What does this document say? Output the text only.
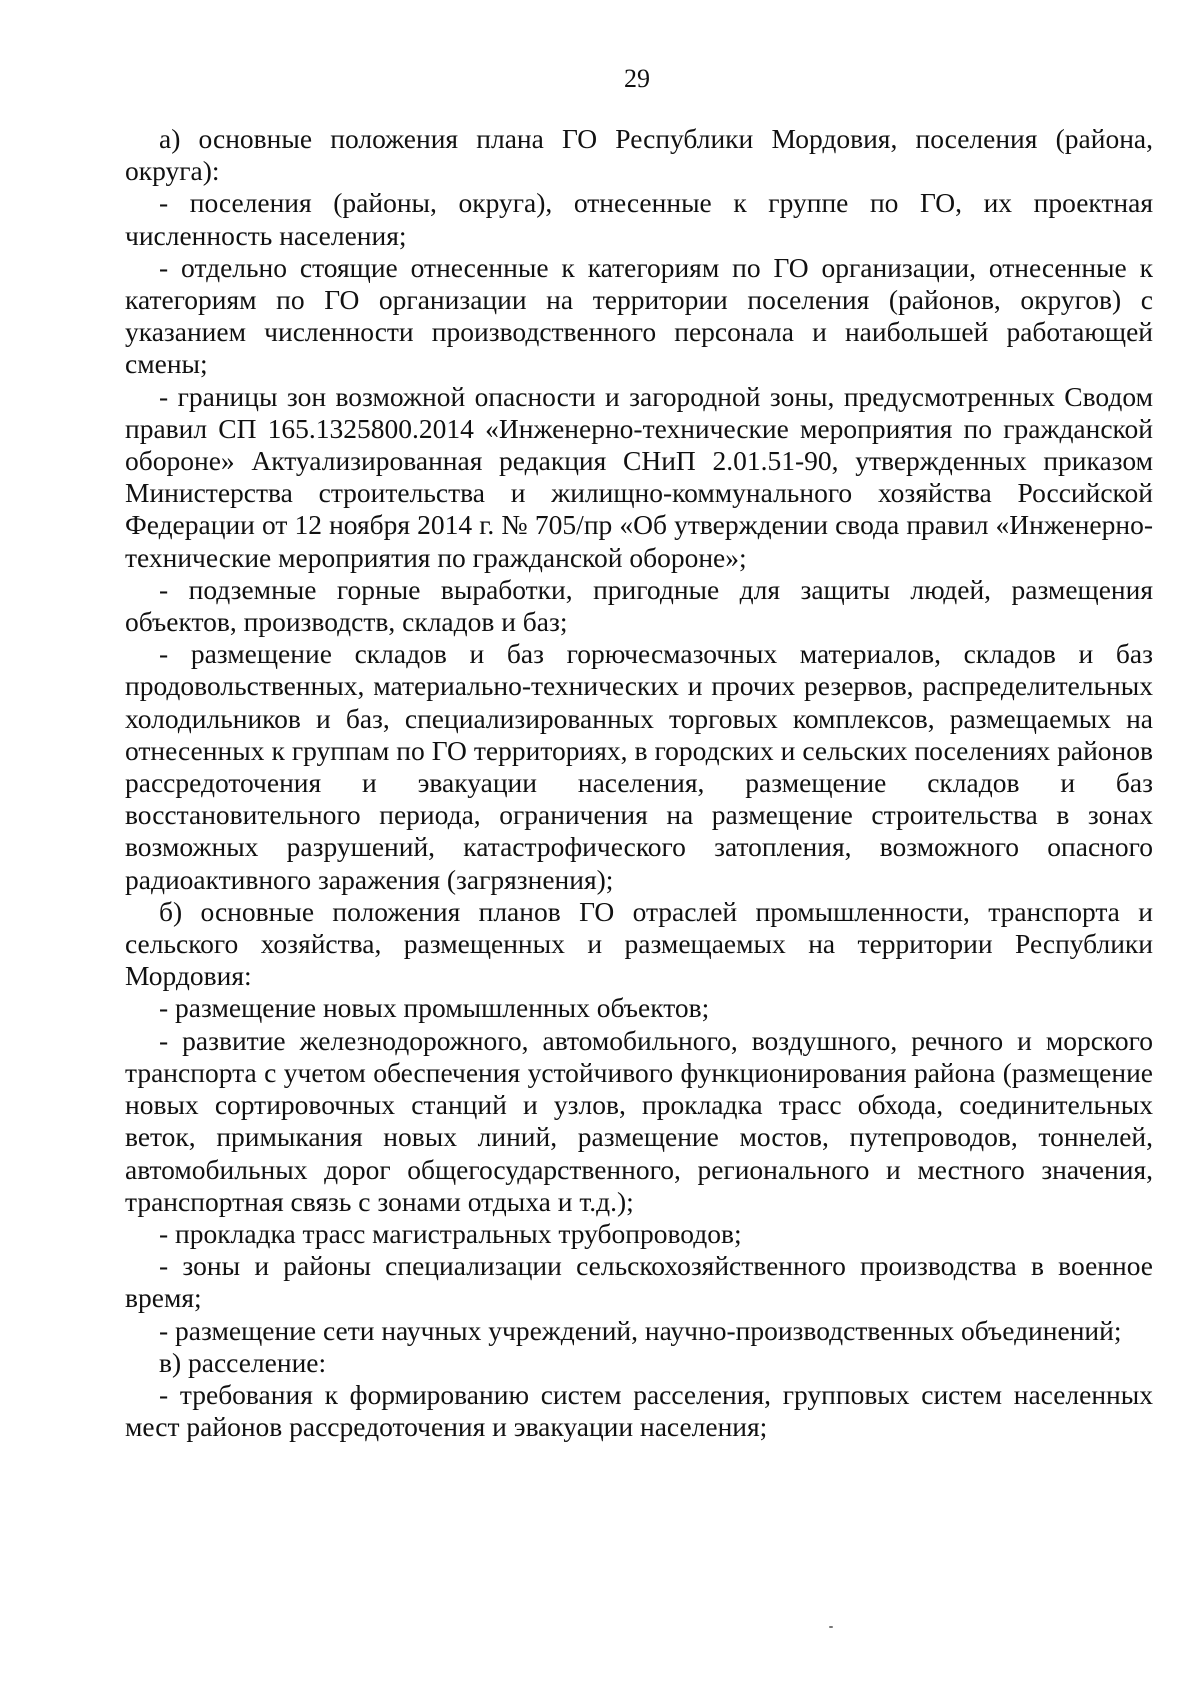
29

а) основные положения плана ГО Республики Мордовия, поселения (района, округа):

- поселения (районы, округа), отнесенные к группе по ГО, их проектная численность населения;

- отдельно стоящие отнесенные к категориям по ГО организации, отнесенные к категориям по ГО организации на территории поселения (районов, округов) с указанием численности производственного персонала и наибольшей работающей смены;

- границы зон возможной опасности и загородной зоны, предусмотренных Сводом правил СП 165.1325800.2014 «Инженерно-технические мероприятия по гражданской обороне» Актуализированная редакция СНиП 2.01.51-90, утвержденных приказом Министерства строительства и жилищно-коммунального хозяйства Российской Федерации от 12 ноября 2014 г. № 705/пр «Об утверждении свода правил «Инженерно-технические мероприятия по гражданской обороне»;

- подземные горные выработки, пригодные для защиты людей, размещения объектов, производств, складов и баз;

- размещение складов и баз горючесмазочных материалов, складов и баз продовольственных, материально-технических и прочих резервов, распределительных холодильников и баз, специализированных торговых комплексов, размещаемых на отнесенных к группам по ГО территориях, в городских и сельских поселениях районов рассредоточения и эвакуации населения, размещение складов и баз восстановительного периода, ограничения на размещение строительства в зонах возможных разрушений, катастрофического затопления, возможного опасного радиоактивного заражения (загрязнения);

б) основные положения планов ГО отраслей промышленности, транспорта и сельского хозяйства, размещенных и размещаемых на территории Республики Мордовия:

- размещение новых промышленных объектов;

- развитие железнодорожного, автомобильного, воздушного, речного и морского транспорта с учетом обеспечения устойчивого функционирования района (размещение новых сортировочных станций и узлов, прокладка трасс обхода, соединительных веток, примыкания новых линий, размещение мостов, путепроводов, тоннелей, автомобильных дорог общегосударственного, регионального и местного значения, транспортная связь с зонами отдыха и т.д.);

- прокладка трасс магистральных трубопроводов;

- зоны и районы специализации сельскохозяйственного производства в военное время;

- размещение сети научных учреждений, научно-производственных объединений;

в) расселение:

- требования к формированию систем расселения, групповых систем населенных мест районов рассредоточения и эвакуации населения;
